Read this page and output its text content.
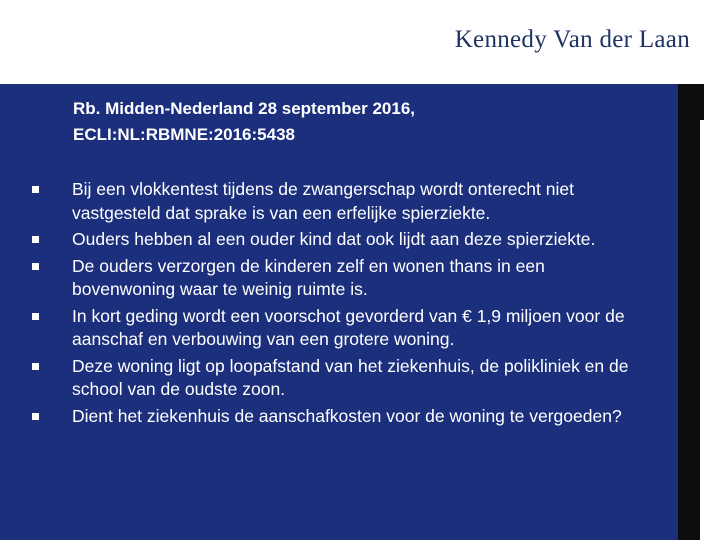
Kennedy Van der Laan
Rb. Midden-Nederland 28 september 2016,
ECLI:NL:RBMNE:2016:5438
Bij een vlokkentest tijdens de zwangerschap wordt onterecht niet vastgesteld dat sprake is van een erfelijke spierziekte.
Ouders hebben al een ouder kind dat ook lijdt aan deze spierziekte.
De ouders verzorgen de kinderen zelf en wonen thans in een bovenwoning waar te weinig ruimte is.
In kort geding wordt een voorschot gevorderd van € 1,9 miljoen voor de aanschaf en verbouwing van een grotere woning.
Deze woning ligt op loopafstand van het ziekenhuis, de polikliniek en de school van de oudste zoon.
Dient het ziekenhuis de aanschafkosten voor de woning te vergoeden?
